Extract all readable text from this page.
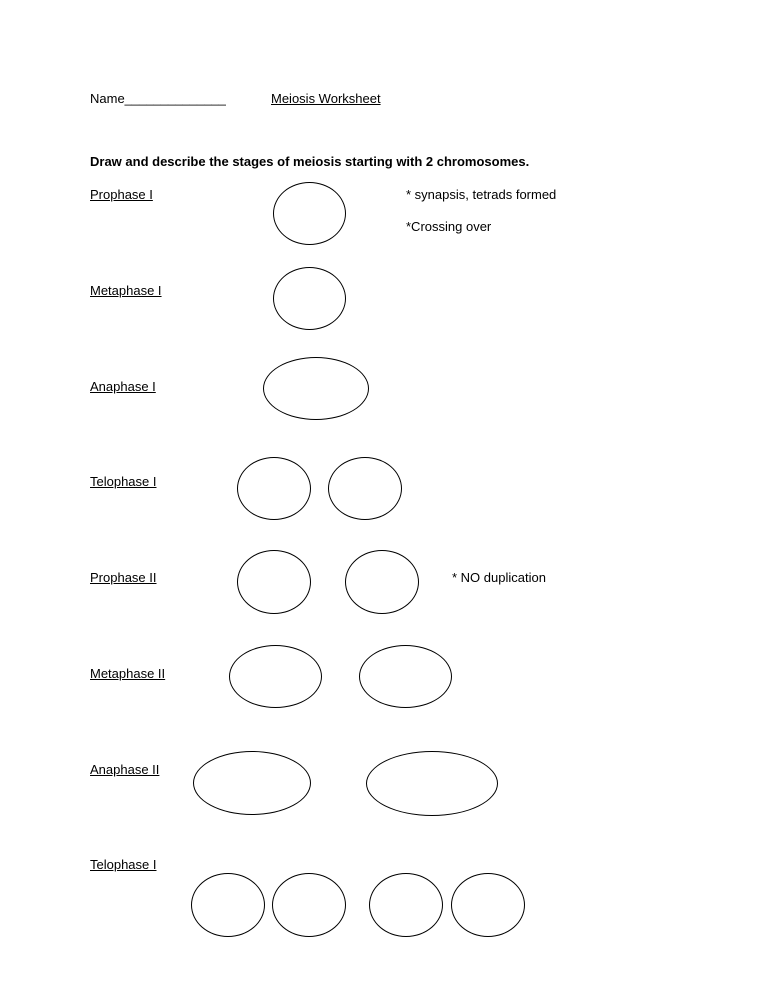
Name______________	Meiosis Worksheet
Draw and describe the stages of meiosis starting with 2 chromosomes.
Prophase I	* synapsis, tetrads formed
*Crossing over
Metaphase I
Anaphase I
Telophase I
Prophase II	* NO duplication
Metaphase II
Anaphase II
Telophase I
